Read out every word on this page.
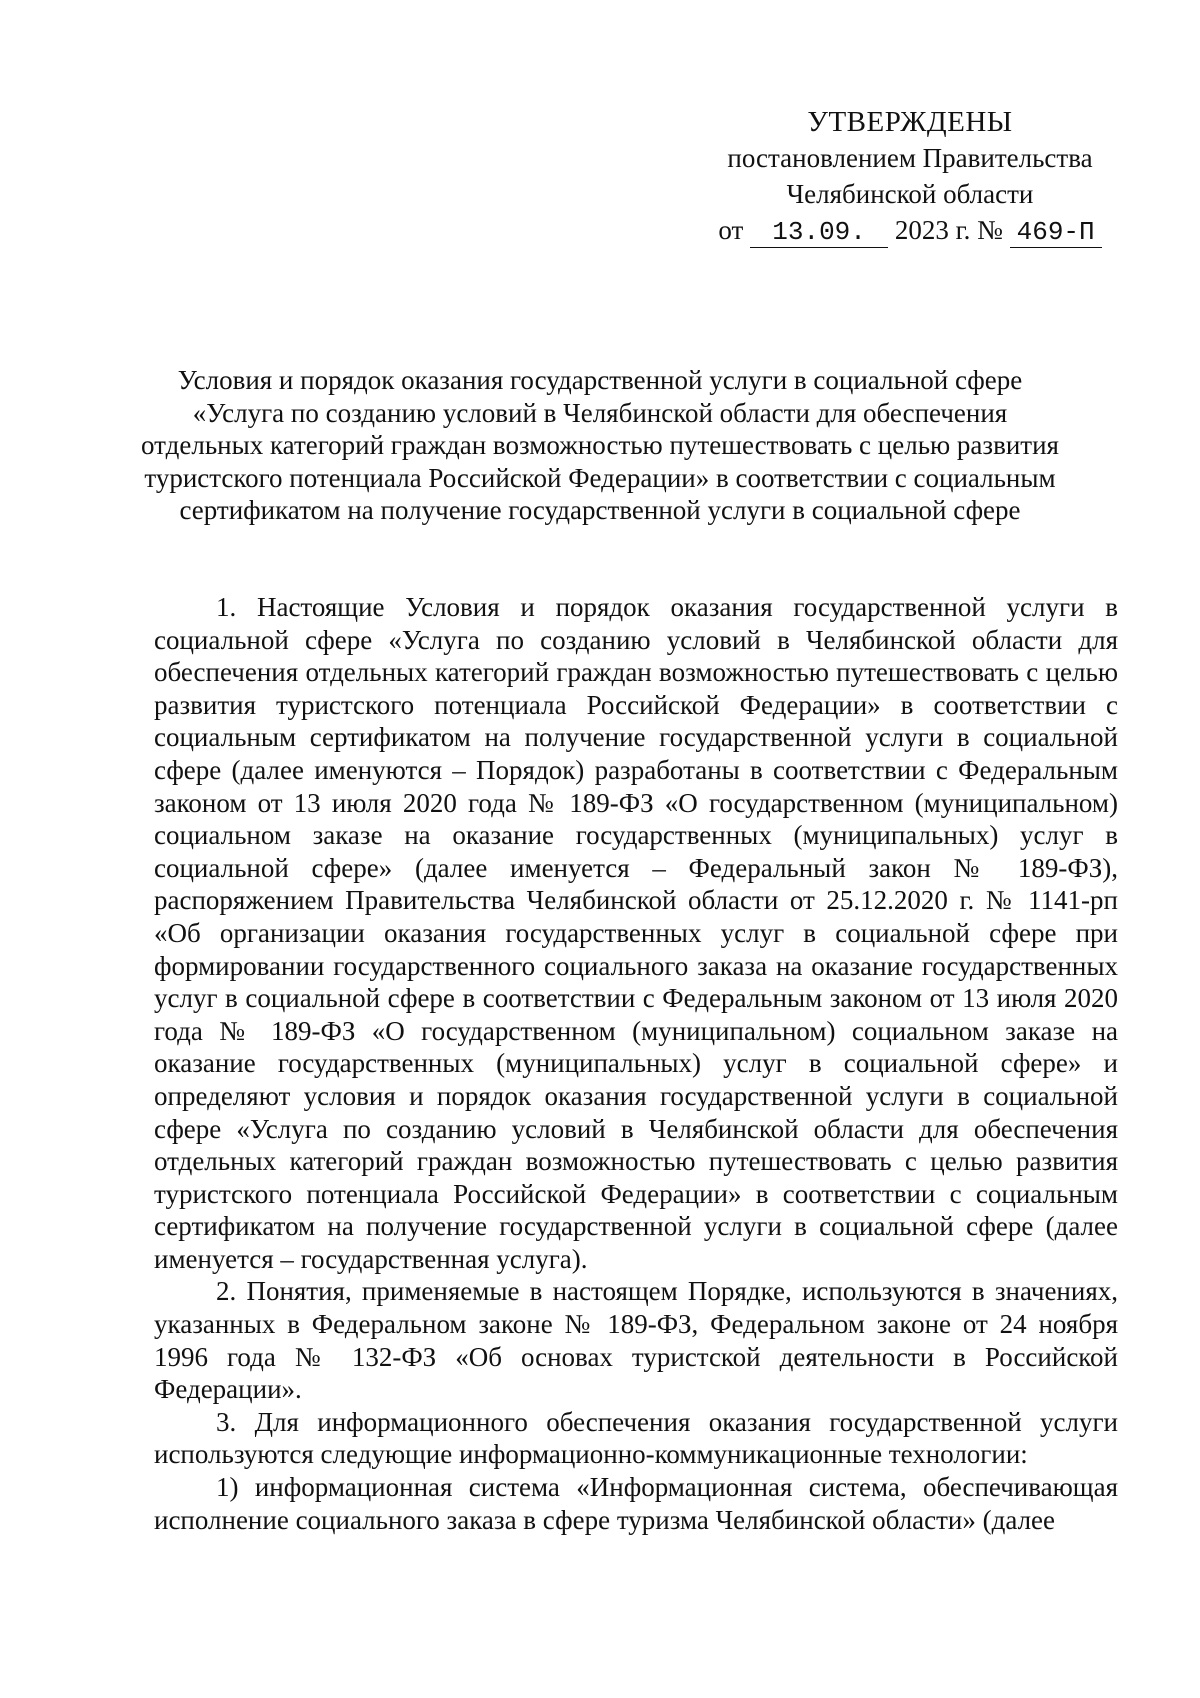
УТВЕРЖДЕНЫ
постановлением Правительства
Челябинской области
от 13.09. 2023 г. № 469-П
Условия и порядок оказания государственной услуги в социальной сфере «Услуга по созданию условий в Челябинской области для обеспечения отдельных категорий граждан возможностью путешествовать с целью развития туристского потенциала Российской Федерации» в соответствии с социальным сертификатом на получение государственной услуги в социальной сфере

1. Настоящие Условия и порядок оказания государственной услуги в социальной сфере «Услуга по созданию условий в Челябинской области для обеспечения отдельных категорий граждан возможностью путешествовать с целью развития туристского потенциала Российской Федерации» в соответствии с социальным сертификатом на получение государственной услуги в социальной сфере (далее именуются – Порядок) разработаны в соответствии с Федеральным законом от 13 июля 2020 года № 189-ФЗ «О государственном (муниципальном) социальном заказе на оказание государственных (муниципальных) услуг в социальной сфере» (далее именуется – Федеральный закон № 189-ФЗ), распоряжением Правительства Челябинской области от 25.12.2020 г. № 1141-рп «Об организации оказания государственных услуг в социальной сфере при формировании государственного социального заказа на оказание государственных услуг в социальной сфере в соответствии с Федеральным законом от 13 июля 2020 года № 189-ФЗ «О государственном (муниципальном) социальном заказе на оказание государственных (муниципальных) услуг в социальной сфере» и определяют условия и порядок оказания государственной услуги в социальной сфере «Услуга по созданию условий в Челябинской области для обеспечения отдельных категорий граждан возможностью путешествовать с целью развития туристского потенциала Российской Федерации» в соответствии с социальным сертификатом на получение государственной услуги в социальной сфере (далее именуется – государственная услуга).

2. Понятия, применяемые в настоящем Порядке, используются в значениях, указанных в Федеральном законе № 189-ФЗ, Федеральном законе от 24 ноября 1996 года № 132-ФЗ «Об основах туристской деятельности в Российской Федерации».

3. Для информационного обеспечения оказания государственной услуги используются следующие информационно-коммуникационные технологии:

1) информационная система «Информационная система, обеспечивающая исполнение социального заказа в сфере туризма Челябинской области» (далее
